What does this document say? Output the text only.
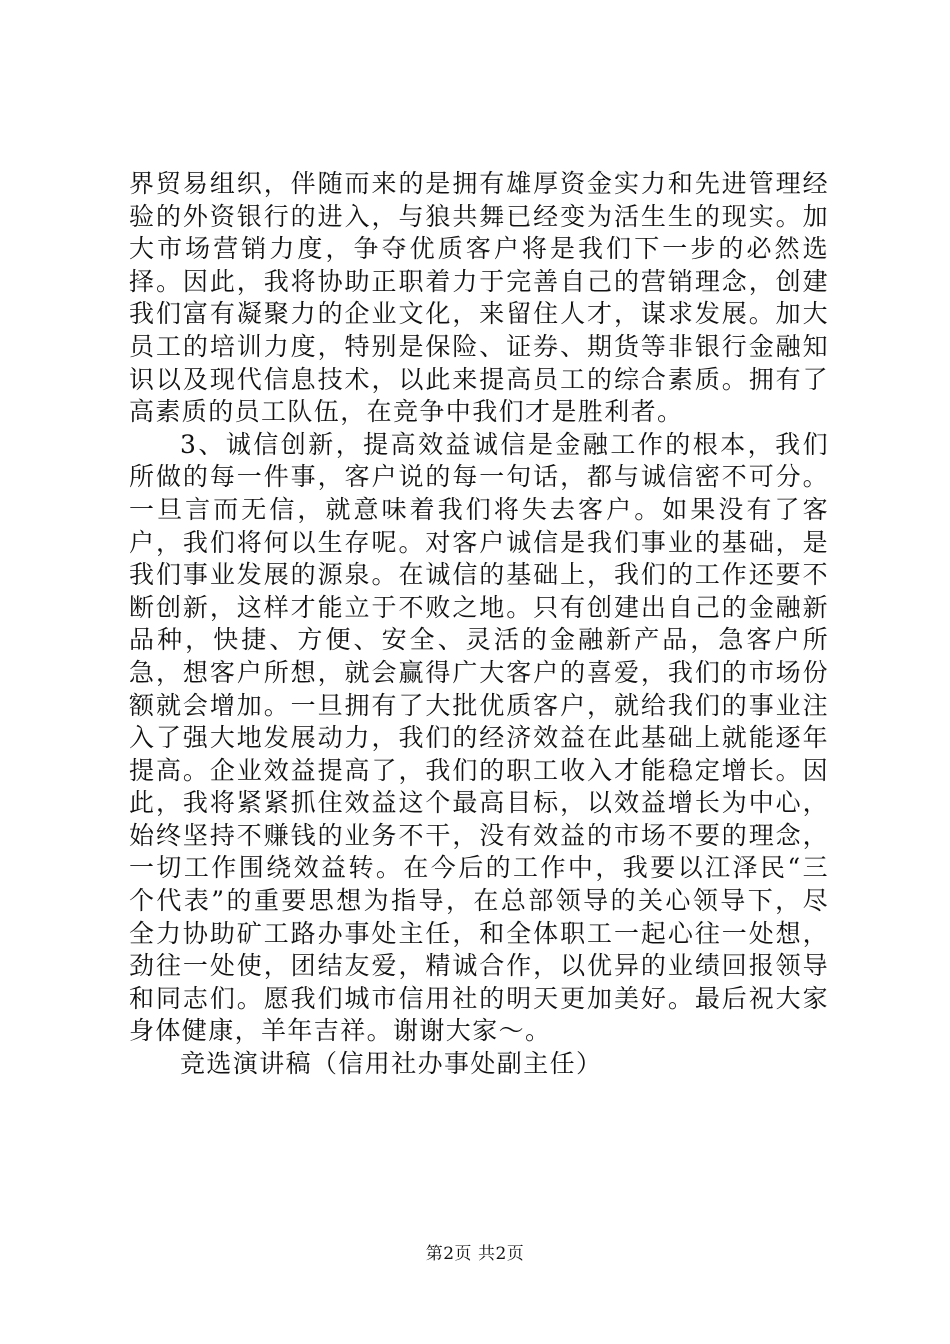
界贸易组织，伴随而来的是拥有雄厚资金实力和先进管理经验的外资银行的进入，与狼共舞已经变为活生生的现实。加大市场营销力度，争夺优质客户将是我们下一步的必然选择。因此，我将协助正职着力于完善自己的营销理念，创建我们富有凝聚力的企业文化，来留住人才，谋求发展。加大员工的培训力度，特别是保险、证券、期货等非银行金融知识以及现代信息技术，以此来提高员工的综合素质。拥有了高素质的员工队伍，在竞争中我们才是胜利者。

3、诚信创新，提高效益诚信是金融工作的根本，我们所做的每一件事，客户说的每一句话，都与诚信密不可分。一旦言而无信，就意味着我们将失去客户。如果没有了客户，我们将何以生存呢。对客户诚信是我们事业的基础，是我们事业发展的源泉。在诚信的基础上，我们的工作还要不断创新，这样才能立于不败之地。只有创建出自己的金融新品种，快捷、方便、安全、灵活的金融新产品，急客户所急，想客户所想，就会赢得广大客户的喜爱，我们的市场份额就会增加。一旦拥有了大批优质客户，就给我们的事业注入了强大地发展动力，我们的经济效益在此基础上就能逐年提高。企业效益提高了，我们的职工收入才能稳定增长。因此，我将紧紧抓住效益这个最高目标，以效益增长为中心，始终坚持不赚钱的业务不干，没有效益的市场不要的理念，一切工作围绕效益转。在今后的工作中，我要以江泽民“三个代表”的重要思想为指导，在总部领导的关心领导下，尽全力协助矿工路办事处主任，和全体职工一起心往一处想，劲往一处使，团结友爱，精诚合作，以优异的业绩回报领导和同志们。愿我们城市信用社的明天更加美好。最后祝大家身体健康，羊年吉祥。谢谢大家～。

竞选演讲稿（信用社办事处副主任）

第2页 共2页
